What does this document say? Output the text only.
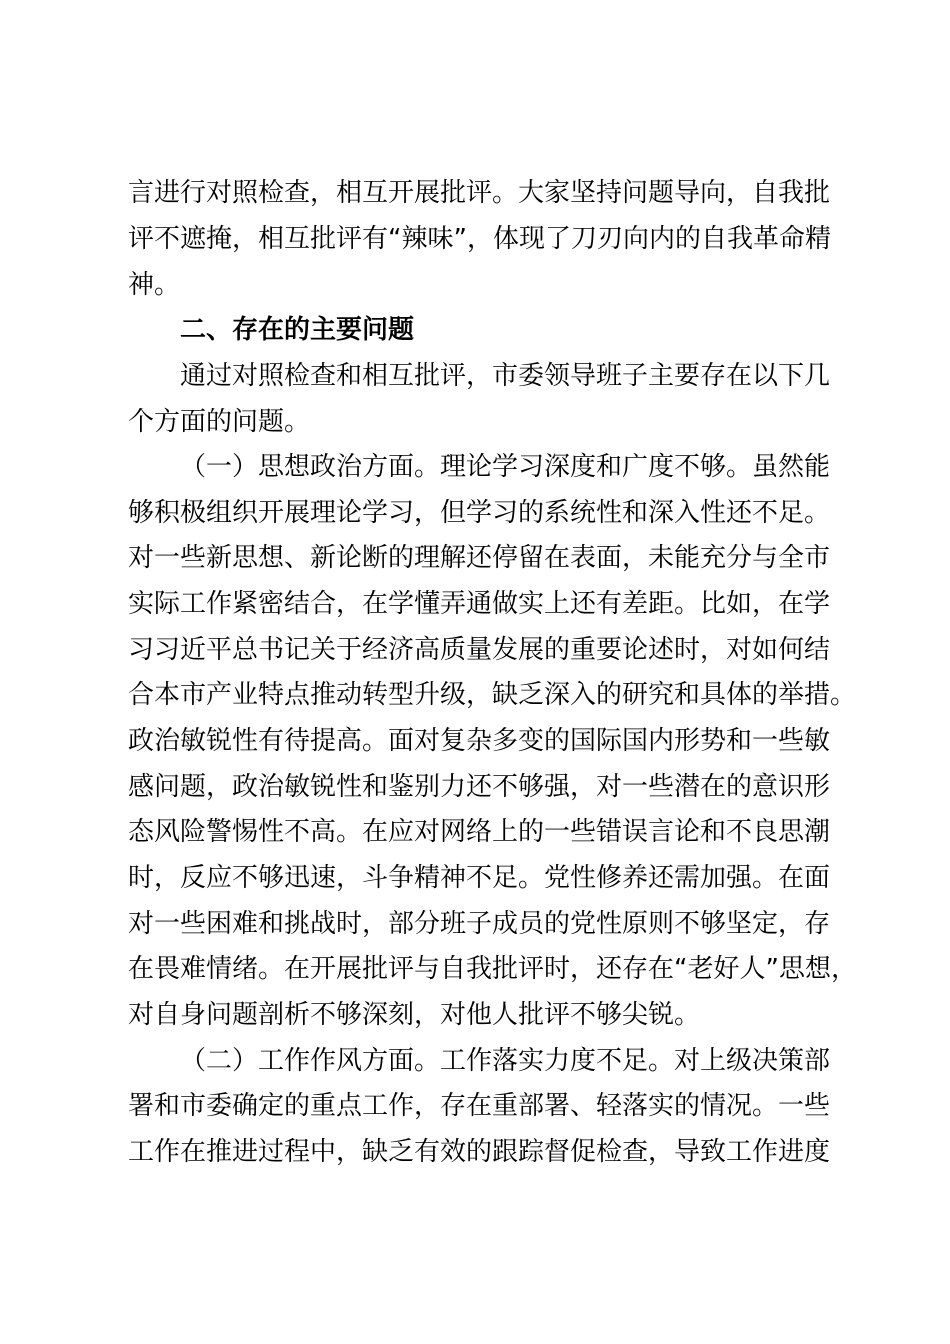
言进行对照检查，相互开展批评。大家坚持问题导向，自我批
评不遮掩，相互批评有“辣味”，体现了刀刃向内的自我革命精
神。
二、存在的主要问题
通过对照检查和相互批评，市委领导班子主要存在以下几
个方面的问题。
（一）思想政治方面。理论学习深度和广度不够。虽然能
够积极组织开展理论学习，但学习的系统性和深入性还不足。
对一些新思想、新论断的理解还停留在表面，未能充分与全市
实际工作紧密结合，在学懂弄通做实上还有差距。比如，在学
习习近平总书记关于经济高质量发展的重要论述时，对如何结
合本市产业特点推动转型升级，缺乏深入的研究和具体的举措。
政治敏锐性有待提高。面对复杂多变的国际国内形势和一些敏
感问题，政治敏锐性和鉴别力还不够强，对一些潜在的意识形
态风险警惕性不高。在应对网络上的一些错误言论和不良思潮
时，反应不够迅速，斗争精神不足。党性修养还需加强。在面
对一些困难和挑战时，部分班子成员的党性原则不够坚定，存
在畏难情绪。在开展批评与自我批评时，还存在“老好人”思想，
对自身问题剖析不够深刻，对他人批评不够尖锐。
（二）工作作风方面。工作落实力度不足。对上级决策部
署和市委确定的重点工作，存在重部署、轻落实的情况。一些
工作在推进过程中，缺乏有效的跟踪督促检查，导致工作进度
